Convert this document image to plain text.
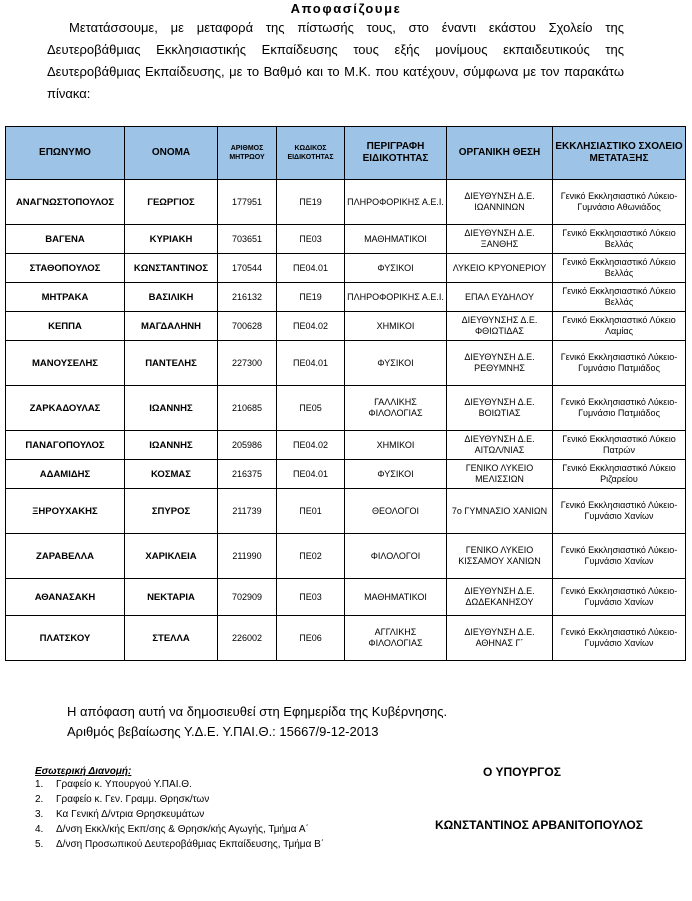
Αποφασίζουμε

Μετατάσσουμε, με μεταφορά της πίστωσής τους, στο έναντι εκάστου Σχολείο της Δευτεροβάθμιας Εκκλησιαστικής Εκπαίδευσης τους εξής μονίμους εκπαιδευτικούς της Δευτεροβάθμιας Εκπαίδευσης, με το Βαθμό και το Μ.Κ. που κατέχουν, σύμφωνα με τον παρακάτω πίνακα:

ΕΠΩΝΥΜΟ	ΟΝΟΜΑ	ΑΡΙΘΜΟΣ ΜΗΤΡΩΟΥ	ΚΩΔΙΚΟΣ ΕΙΔΙΚΟΤΗΤΑΣ	ΠΕΡΙΓΡΑΦΗ ΕΙΔΙΚΟΤΗΤΑΣ	ΟΡΓΑΝΙΚΗ ΘΕΣΗ	ΕΚΚΛΗΣΙΑΣΤΙΚΟ ΣΧΟΛΕΙΟ ΜΕΤΑΤΑΞΗΣ
ΑΝΑΓΝΩΣΤΟΠΟΥΛΟΣ	ΓΕΩΡΓΙΟΣ	177951	ΠΕ19	ΠΛΗΡΟΦΟΡΙΚΗΣ Α.Ε.Ι.	ΔΙΕΥΘΥΝΣΗ Δ.Ε. ΙΩΑΝΝΙΝΩΝ	Γενικό Εκκλησιαστικό Λύκειο-Γυμνάσιο Αθωνιάδος
ΒΑΓΕΝΑ	ΚΥΡΙΑΚΗ	703651	ΠΕ03	ΜΑΘΗΜΑΤΙΚΟΙ	ΔΙΕΥΘΥΝΣΗ Δ.Ε. ΞΑΝΘΗΣ	Γενικό Εκκλησιαστικό Λύκειο Βελλάς
ΣΤΑΘΟΠΟΥΛΟΣ	ΚΩΝΣΤΑΝΤΙΝΟΣ	170544	ΠΕ04.01	ΦΥΣΙΚΟΙ	ΛΥΚΕΙΟ ΚΡΥΟΝΕΡΙΟΥ	Γενικό Εκκλησιαστικό Λύκειο Βελλάς
ΜΗΤΡΑΚΑ	ΒΑΣΙΛΙΚΗ	216132	ΠΕ19	ΠΛΗΡΟΦΟΡΙΚΗΣ Α.Ε.Ι.	ΕΠΑΛ ΕΥΔΗΛΟΥ	Γενικό Εκκλησιαστικό Λύκειο Βελλάς
ΚΕΠΠΑ	ΜΑΓΔΑΛΗΝΗ	700628	ΠΕ04.02	ΧΗΜΙΚΟΙ	ΔΙΕΥΘΥΝΣΗΣ Δ.Ε. ΦΘΙΩΤΙΔΑΣ	Γενικό Εκκλησιαστικό Λύκειο Λαμίας
ΜΑΝΟΥΣΕΛΗΣ	ΠΑΝΤΕΛΗΣ	227300	ΠΕ04.01	ΦΥΣΙΚΟΙ	ΔΙΕΥΘΥΝΣΗ Δ.Ε. ΡΕΘΥΜΝΗΣ	Γενικό Εκκλησιαστικό Λύκειο-Γυμνάσιο Πατμιάδος
ΖΑΡΚΑΔΟΥΛΑΣ	ΙΩΑΝΝΗΣ	210685	ΠΕ05	ΓΑΛΛΙΚΗΣ ΦΙΛΟΛΟΓΙΑΣ	ΔΙΕΥΘΥΝΣΗ Δ.Ε. ΒΟΙΩΤΙΑΣ	Γενικό Εκκλησιαστικό Λύκειο-Γυμνάσιο Πατμιάδος
ΠΑΝΑΓΟΠΟΥΛΟΣ	ΙΩΑΝΝΗΣ	205986	ΠΕ04.02	ΧΗΜΙΚΟΙ	ΔΙΕΥΘΥΝΣΗ Δ.Ε. ΑΙΤΩΛ/ΝΙΑΣ	Γενικό Εκκλησιαστικό Λύκειο Πατρών
ΑΔΑΜΙΔΗΣ	ΚΟΣΜΑΣ	216375	ΠΕ04.01	ΦΥΣΙΚΟΙ	ΓΕΝΙΚΟ ΛΥΚΕΙΟ ΜΕΛΙΣΣΙΩΝ	Γενικό Εκκλησιαστικό Λύκειο Ριζαρείου
ΞΗΡΟΥΧΑΚΗΣ	ΣΠΥΡΟΣ	211739	ΠΕ01	ΘΕΟΛΟΓΟΙ	7ο ΓΥΜΝΑΣΙΟ ΧΑΝΙΩΝ	Γενικό Εκκλησιαστικό Λύκειο-Γυμνάσιο Χανίων
ΖΑΡΑΒΕΛΛΑ	ΧΑΡΙΚΛΕΙΑ	211990	ΠΕ02	ΦΙΛΟΛΟΓΟΙ	ΓΕΝΙΚΟ ΛΥΚΕΙΟ ΚΙΣΣΑΜΟΥ ΧΑΝΙΩΝ	Γενικό Εκκλησιαστικό Λύκειο-Γυμνάσιο Χανίων
ΑΘΑΝΑΣΑΚΗ	ΝΕΚΤΑΡΙΑ	702909	ΠΕ03	ΜΑΘΗΜΑΤΙΚΟΙ	ΔΙΕΥΘΥΝΣΗ Δ.Ε. ΔΩΔΕΚΑΝΗΣΟΥ	Γενικό Εκκλησιαστικό Λύκειο-Γυμνάσιο Χανίων
ΠΛΑΤΣΚΟΥ	ΣΤΕΛΛΑ	226002	ΠΕ06	ΑΓΓΛΙΚΗΣ ΦΙΛΟΛΟΓΙΑΣ	ΔΙΕΥΘΥΝΣΗ Δ.Ε. ΑΘΗΝΑΣ Γ΄	Γενικό Εκκλησιαστικό Λύκειο-Γυμνάσιο Χανίων
Η απόφαση αυτή να δημοσιευθεί στη Εφημερίδα της Κυβέρνησης.
Αριθμός βεβαίωσης Υ.Δ.Ε. Υ.ΠΑΙ.Θ.: 15667/9-12-2013
Εσωτερική Διανομή:
1.	Γραφείο κ. Υπουργού Υ.ΠΑΙ.Θ.
2.	Γραφείο κ. Γεν. Γραμμ. Θρησκ/των
3.	Κα Γενική Δ/ντρια Θρησκευμάτων
4.	Δ/νση Εκκλ/κής Εκπ/σης & Θρησκ/κής Αγωγής, Τμήμα Α΄
5.	Δ/νση Προσωπικού Δευτεροβάθμιας Εκπαίδευσης, Τμήμα Β΄
Ο ΥΠΟΥΡΓΟΣ
ΚΩΝΣΤΑΝΤΙΝΟΣ ΑΡΒΑΝΙΤΟΠΟΥΛΟΣ
